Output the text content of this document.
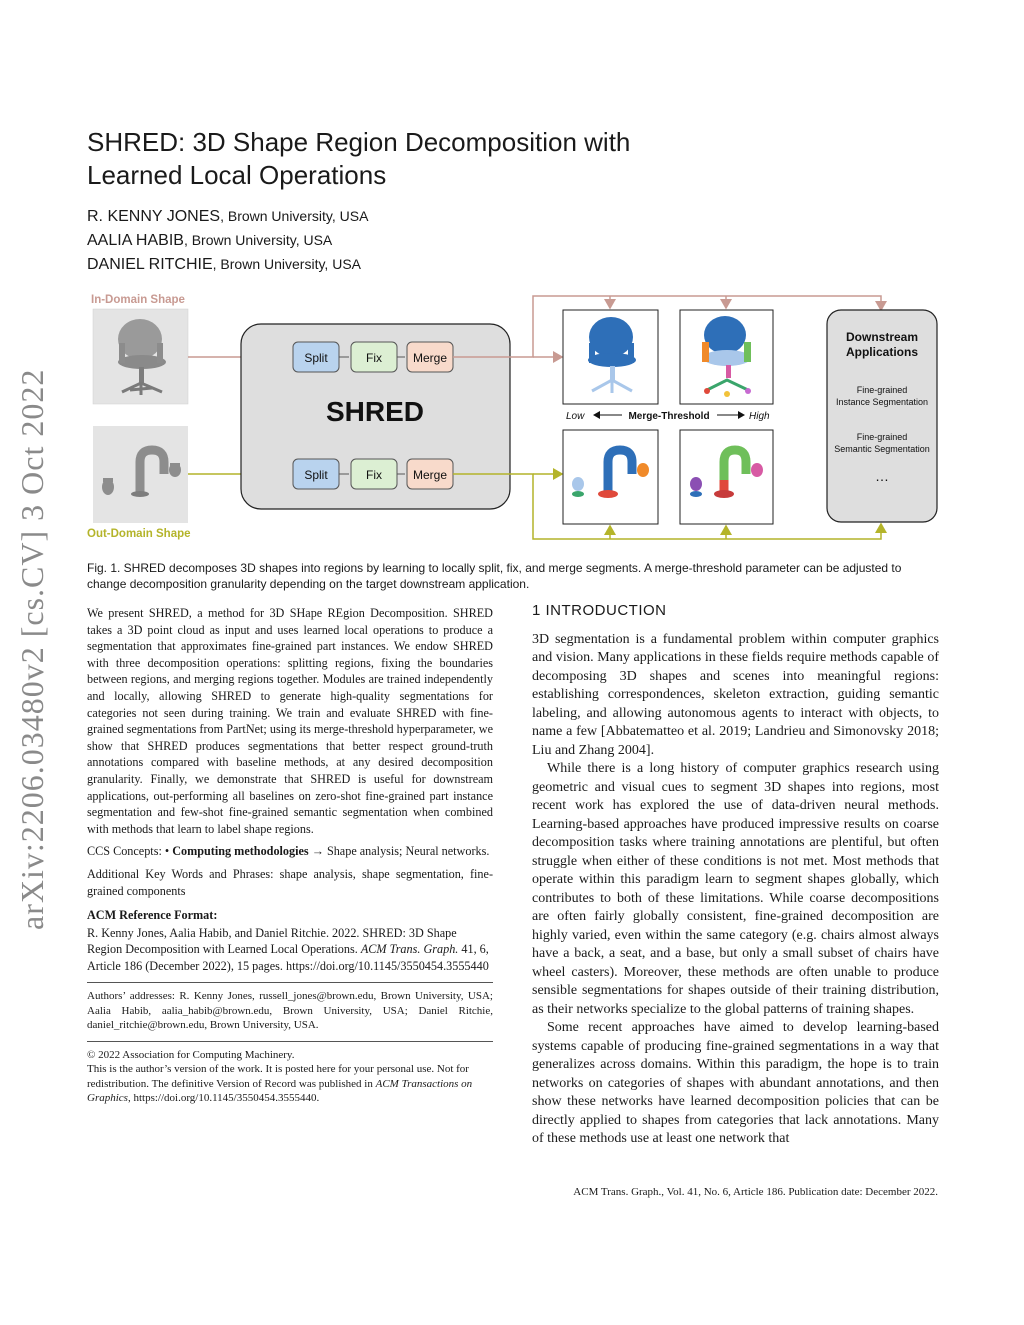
arXiv:2206.03480v2 [cs.CV] 3 Oct 2022
SHRED: 3D Shape Region Decomposition with
Learned Local Operations
R. KENNY JONES, Brown University, USA
AALIA HABIB, Brown University, USA
DANIEL RITCHIE, Brown University, USA
In-Domain Shape
Out-Domain Shape
SHRED
Split	Fix	Merge
Split	Fix	Merge
Low	Merge-Threshold	High
Downstream
Applications
Fine-grained
Instance Segmentation
Fine-grained
Semantic Segmentation
…

Fig. 1. SHRED decomposes 3D shapes into regions by learning to locally split, fix, and merge segments. A merge-threshold parameter can be adjusted to change decomposition granularity depending on the target downstream application.

We present SHRED, a method for 3D SHape REgion Decomposition. SHRED takes a 3D point cloud as input and uses learned local operations to produce a segmentation that approximates fine-grained part instances. We endow SHRED with three decomposition operations: splitting regions, fixing the boundaries between regions, and merging regions together. Modules are trained independently and locally, allowing SHRED to generate high-quality segmentations for categories not seen during training. We train and evaluate SHRED with fine-grained segmentations from PartNet; using its merge-threshold hyperparameter, we show that SHRED produces segmentations that better respect ground-truth annotations compared with baseline methods, at any desired decomposition granularity. Finally, we demonstrate that SHRED is useful for downstream applications, out-performing all baselines on zero-shot fine-grained part instance segmentation and few-shot fine-grained semantic segmentation when combined with methods that learn to label shape regions.

CCS Concepts: • Computing methodologies → Shape analysis; Neural networks.

Additional Key Words and Phrases: shape analysis, shape segmentation, fine-grained components

ACM Reference Format:

R. Kenny Jones, Aalia Habib, and Daniel Ritchie. 2022. SHRED: 3D Shape Region Decomposition with Learned Local Operations. ACM Trans. Graph. 41, 6, Article 186 (December 2022), 15 pages. https://doi.org/10.1145/3550454.3555440

Authors’ addresses: R. Kenny Jones, russell_jones@brown.edu, Brown University, USA; Aalia Habib, aalia_habib@brown.edu, Brown University, USA; Daniel Ritchie, daniel_ritchie@brown.edu, Brown University, USA.

© 2022 Association for Computing Machinery.

This is the author’s version of the work. It is posted here for your personal use. Not for redistribution. The definitive Version of Record was published in ACM Transactions on Graphics, https://doi.org/10.1145/3550454.3555440.

1 INTRODUCTION

3D segmentation is a fundamental problem within computer graphics and vision. Many applications in these fields require methods capable of decomposing 3D shapes and scenes into meaningful regions: establishing correspondences, skeleton extraction, guiding semantic labeling, and allowing autonomous agents to interact with objects, to name a few [Abbatematteo et al. 2019; Landrieu and Simonovsky 2018; Liu and Zhang 2004].

While there is a long history of computer graphics research using geometric and visual cues to segment 3D shapes into regions, most recent work has explored the use of data-driven neural methods. Learning-based approaches have produced impressive results on coarse decomposition tasks where training annotations are plentiful, but often struggle when either of these conditions is not met. Most methods that operate within this paradigm learn to segment shapes globally, which contributes to both of these limitations. While coarse decompositions are often fairly globally consistent, fine-grained decomposition are highly varied, even within the same category (e.g. chairs almost always have a back, a seat, and a base, but only a small subset of chairs have wheel casters). Moreover, these methods are often unable to produce sensible segmentations for shapes outside of their training distribution, as their networks specialize to the global patterns of training shapes.

Some recent approaches have aimed to develop learning-based systems capable of producing fine-grained segmentations in a way that generalizes across domains. Within this paradigm, the hope is to train networks on categories of shapes with abundant annotations, and then show these networks have learned decomposition policies that can be directly applied to shapes from categories that lack annotations. Many of these methods use at least one network that

ACM Trans. Graph., Vol. 41, No. 6, Article 186. Publication date: December 2022.
